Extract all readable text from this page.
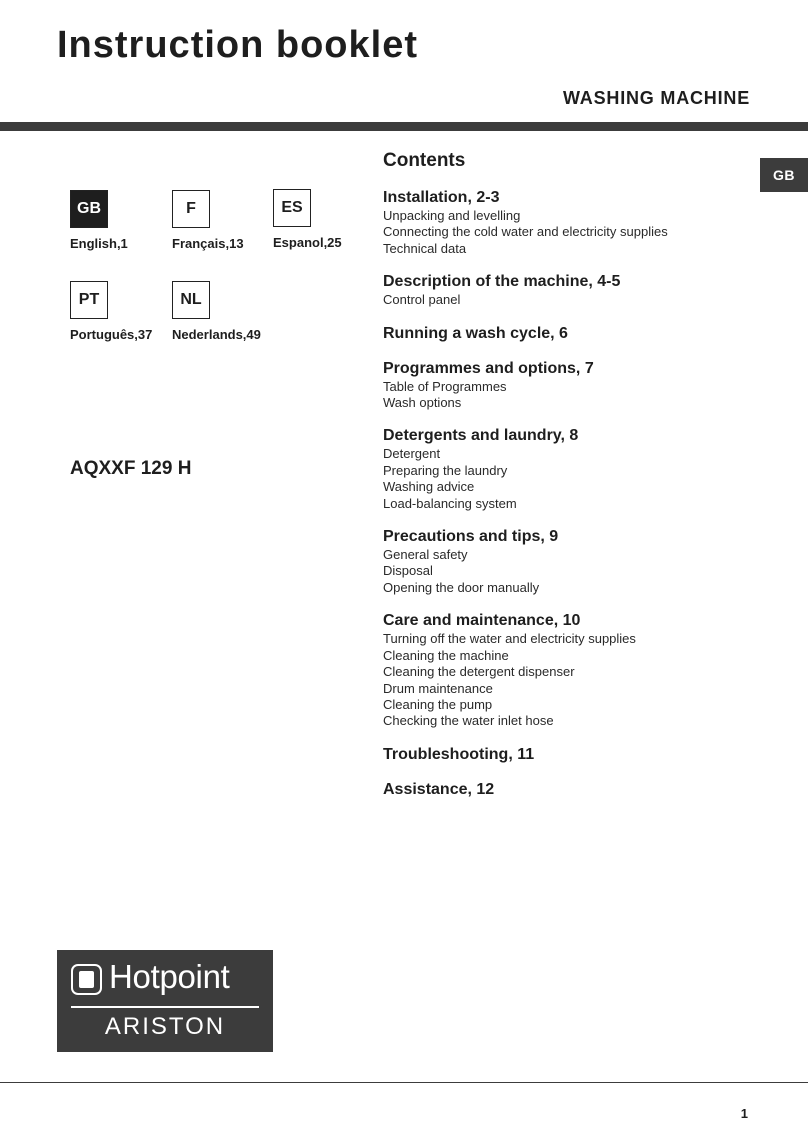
Instruction booklet
WASHING MACHINE
GB
GB
English,1
F
Français,13
ES
Espanol,25
PT
Português,37
NL
Nederlands,49
AQXXF 129 H
Contents
Installation, 2-3
Unpacking and levelling
Connecting the cold water and electricity supplies
Technical data
Description of the machine, 4-5
Control panel
Running a wash cycle, 6
Programmes and options, 7
Table of Programmes
Wash options
Detergents and laundry, 8
Detergent
Preparing the laundry
Washing advice
Load-balancing system
Precautions and tips, 9
General safety
Disposal
Opening the door manually
Care and maintenance, 10
Turning off the water and electricity supplies
Cleaning the machine
Cleaning the detergent dispenser
Drum maintenance
Cleaning the pump
Checking the water inlet hose
Troubleshooting, 11
Assistance, 12
Hotpoint
ARISTON
1
